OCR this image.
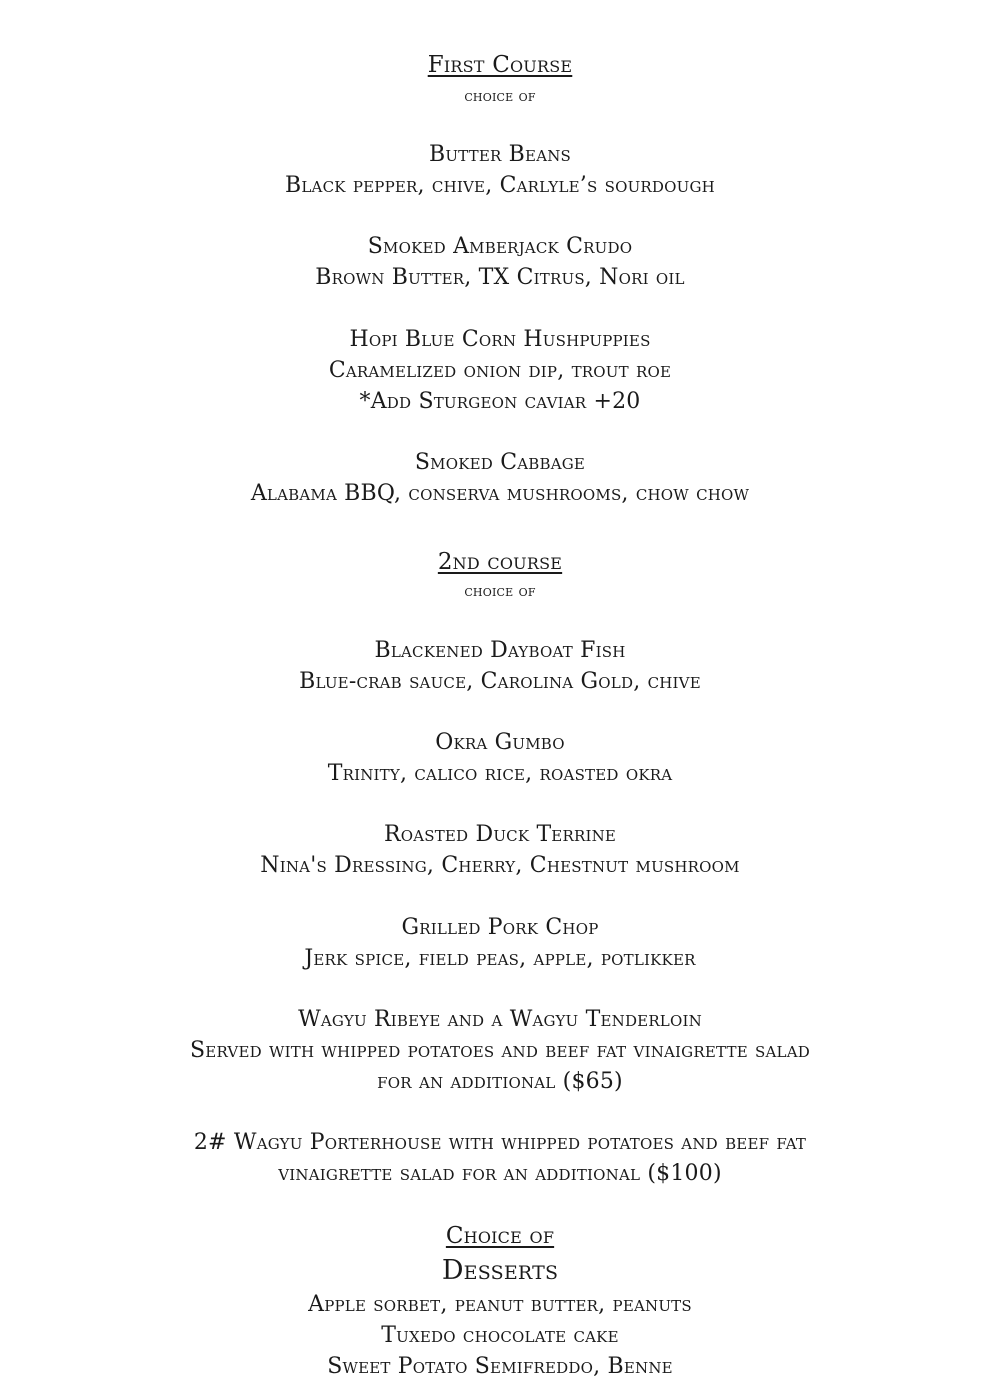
First Course
choice of
Butter Beans
Black pepper, chive, Carlyle’s sourdough
Smoked Amberjack Crudo
Brown Butter, TX Citrus, Nori oil
Hopi Blue Corn Hushpuppies
Caramelized onion dip, trout roe
*Add Sturgeon caviar +20
Smoked Cabbage
Alabama BBQ, conserva mushrooms, chow chow
2nd course
choice of
Blackened Dayboat Fish
Blue-crab sauce, Carolina Gold, chive
Okra Gumbo
Trinity, calico rice, roasted okra
Roasted Duck Terrine
Nina's Dressing, Cherry, Chestnut mushroom
Grilled Pork Chop
Jerk spice, field peas, apple, potlikker
Wagyu Ribeye and a Wagyu Tenderloin
Served with whipped potatoes and beef fat vinaigrette salad
for an additional ($65)
2# Wagyu Porterhouse with whipped potatoes and beef fat
vinaigrette salad for an additional ($100)
Choice of
Desserts
Apple sorbet, peanut butter, peanuts
Tuxedo chocolate cake
Sweet Potato Semifreddo, Benne
